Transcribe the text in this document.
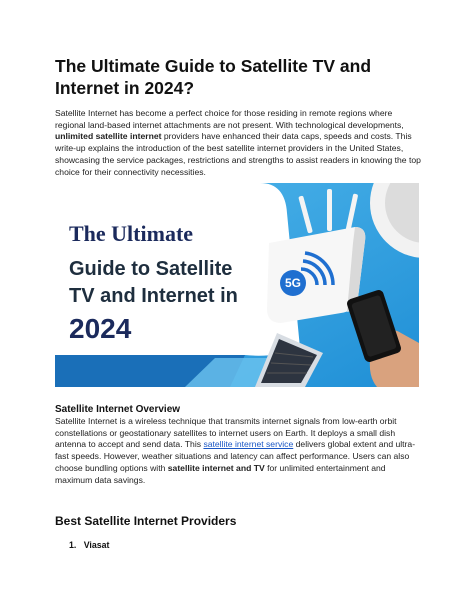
The Ultimate Guide to Satellite TV and Internet in 2024?
Satellite Internet has become a perfect choice for those residing in remote regions where regional land-based internet attachments are not present. With technological developments, unlimited satellite internet providers have enhanced their data caps, speeds and costs. This write-up explains the introduction of the best satellite internet providers in the United States, showcasing the service packages, restrictions and strengths to assist readers in knowing the top choice for their connectivity necessities.
5G
The Ultimate
Guide to Satellite
TV and Internet in
2024
Satellite Internet Overview
Satellite Internet is a wireless technique that transmits internet signals from low-earth orbit constellations or geostationary satellites to internet users on Earth. It deploys a small dish antenna to accept and send data. This satellite internet service delivers global extent and ultra-fast speeds. However, weather situations and latency can affect performance. Users can also choose bundling options with satellite internet and TV for unlimited entertainment and maximum data savings.
Best Satellite Internet Providers
1. Viasat
